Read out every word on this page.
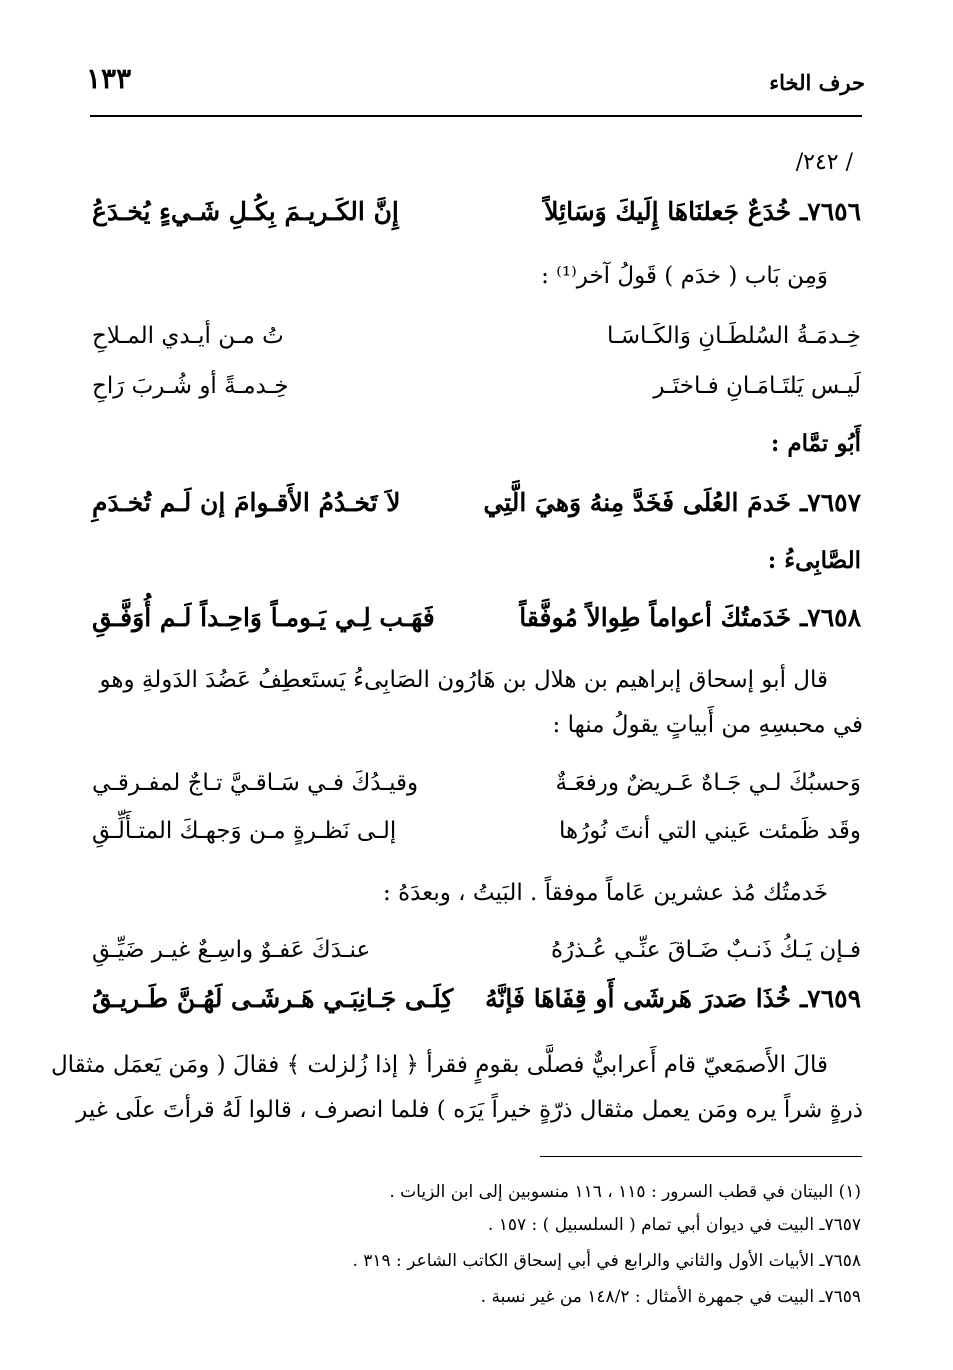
حرف الخاء
١٣٣
/ ٢٤٢/
٧٦٥٦ـ خُدَعٌ جَعلنَاهَا إِلَيكَ وَسَائِلاً
إِنَّ الكَـريـمَ بِكُـلِ شَـيءٍ يُخـدَعُ
وَمِن بَاب ( خدَم ) قَولُ آخر⁽¹⁾ :
خِـدمَـةُ السُلطَـانِ وَالكَـاسَـا
تُ مـن أيـدي المـلاحِ
لَيـس يَلتَـامَـانِ فـاختَـر
خِـدمـةً أو شُـربَ رَاحِ
أَبُو تمَّام :
٧٦٥٧ـ خَدمَ العُلَى فَخَدَّ مِنهُ وَهيَ الَّتِي
لاَ تَخـدُمُ الأَقـوامَ إن لَـم تُخـدَمِ
الصَّابِىءُ :
٧٦٥٨ـ خَدَمتُكَ أعواماً طِوالاً مُوفَّقاً
فَهَـب لِـي يَـومـاً وَاحِـداً لَـم أُوَفَّـقِ
قال أبو إسحاق إبراهيم بن هلال بن هَارُون الصَابِىءُ يَستَعطِفُ عَضُدَ الدَولةِ وهو
في محبسِهِ من أَبياتٍ يقولُ منها :
وَحسبُكَ لـي جَـاهٌ عَـريضٌ ورفعَـةٌ
وقيـدُكَ فـي سَـاقـيَّ تـاجٌ لمفـرقـي
وقَد ظَمئت عَيني التي أنتَ نُورُها
إلـى نَظـرةٍ مـن وَجهـكَ المتـأَلِّـقِ
خَدمتُك مُذ عشرين عَاماً موفقاً . البَيتُ ، وبعدَهُ :
فـإن يَـكُ ذَنـبٌ ضَـاقَ عنِّـي عُـذرُهُ
عنـدَكَ عَفـوٌ واسِـعٌ غيـر ضَيِّـقِ
٧٦٥٩ـ خُذَا صَدرَ هَرشَى أَو قِفَاهَا فَإنَّهُ
كِلَـى جَـانِبَـي هَـرشَـى لَهُـنَّ طَـريـقُ
قالَ الأَصمَعيّ قام أَعرابيٌّ فصلَّى بقومٍ فقرأ ﴿ إذا زُلزلت ﴾ فقالَ ( ومَن يَعمَل مثقال
ذرةٍ شراً يره ومَن يعمل مثقال ذرّةٍ خيراً يَرَه ) فلما انصرف ، قالوا لَهُ قرأتَ علَى غير
(١) البيتان في قطب السرور : ١١٥ ، ١١٦ منسوبين إلى ابن الزيات .
٧٦٥٧ـ البيت في ديوان أبي تمام ( السلسبيل ) : ١٥٧ .
٧٦٥٨ـ الأبيات الأول والثاني والرابع في أبي إسحاق الكاتب الشاعر : ٣١٩ .
٧٦٥٩ـ البيت في جمهرة الأمثال : ١٤٨/٢ من غير نسبة .
